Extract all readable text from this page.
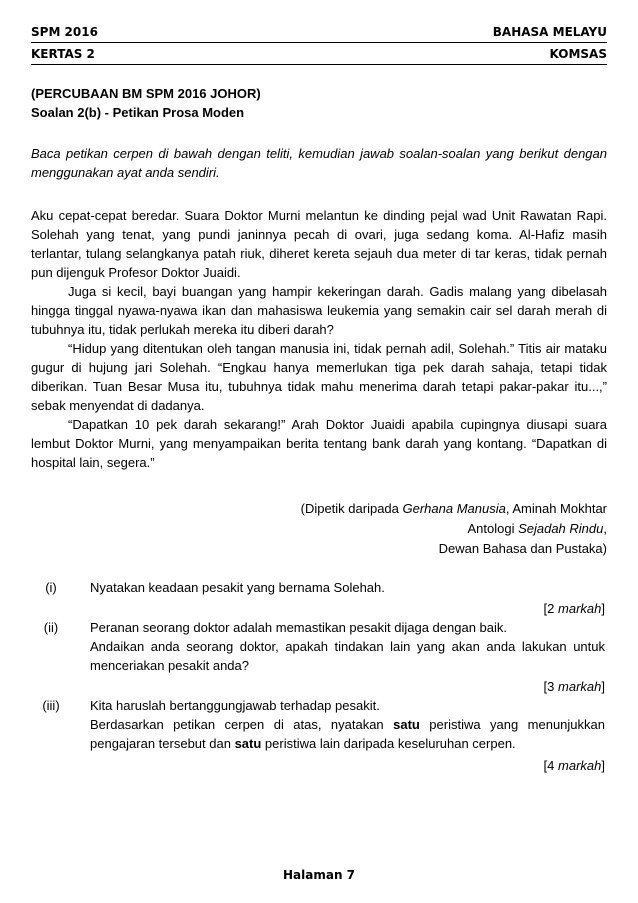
SPM 2016	BAHASA MELAYU
KERTAS 2	KOMSAS
(PERCUBAAN BM SPM 2016 JOHOR)
Soalan 2(b) - Petikan Prosa Moden
Baca petikan cerpen di bawah dengan teliti, kemudian jawab soalan-soalan yang berikut dengan menggunakan ayat anda sendiri.

Aku cepat-cepat beredar. Suara Doktor Murni melantun ke dinding pejal wad Unit Rawatan Rapi. Solehah yang tenat, yang pundi janinnya pecah di ovari, juga sedang koma. Al-Hafiz masih terlantar, tulang selangkanya patah riuk, diheret kereta sejauh dua meter di tar keras, tidak pernah pun dijenguk Profesor Doktor Juaidi.

Juga si kecil, bayi buangan yang hampir kekeringan darah. Gadis malang yang dibelasah hingga tinggal nyawa-nyawa ikan dan mahasiswa leukemia yang semakin cair sel darah merah di tubuhnya itu, tidak perlukah mereka itu diberi darah?

“Hidup yang ditentukan oleh tangan manusia ini, tidak pernah adil, Solehah.” Titis air mataku gugur di hujung jari Solehah. “Engkau hanya memerlukan tiga pek darah sahaja, tetapi tidak diberikan. Tuan Besar Musa itu, tubuhnya tidak mahu menerima darah tetapi pakar-pakar itu...,” sebak menyendat di dadanya.

“Dapatkan 10 pek darah sekarang!” Arah Doktor Juaidi apabila cupingnya diusapi suara lembut Doktor Murni, yang menyampaikan berita tentang bank darah yang kontang. “Dapatkan di hospital lain, segera.”

(Dipetik daripada Gerhana Manusia, Aminah Mokhtar
Antologi Sejadah Rindu,
Dewan Bahasa dan Pustaka)
(i)	Nyatakan keadaan pesakit yang bernama Solehah.
[2 markah]
(ii)	Peranan seorang doktor adalah memastikan pesakit dijaga dengan baik.
Andaikan anda seorang doktor, apakah tindakan lain yang akan anda lakukan untuk menceriakan pesakit anda?
[3 markah]
(iii)	Kita haruslah bertanggungjawab terhadap pesakit.
Berdasarkan petikan cerpen di atas, nyatakan satu peristiwa yang menunjukkan pengajaran tersebut dan satu peristiwa lain daripada keseluruhan cerpen.
[4 markah]
Halaman 7
